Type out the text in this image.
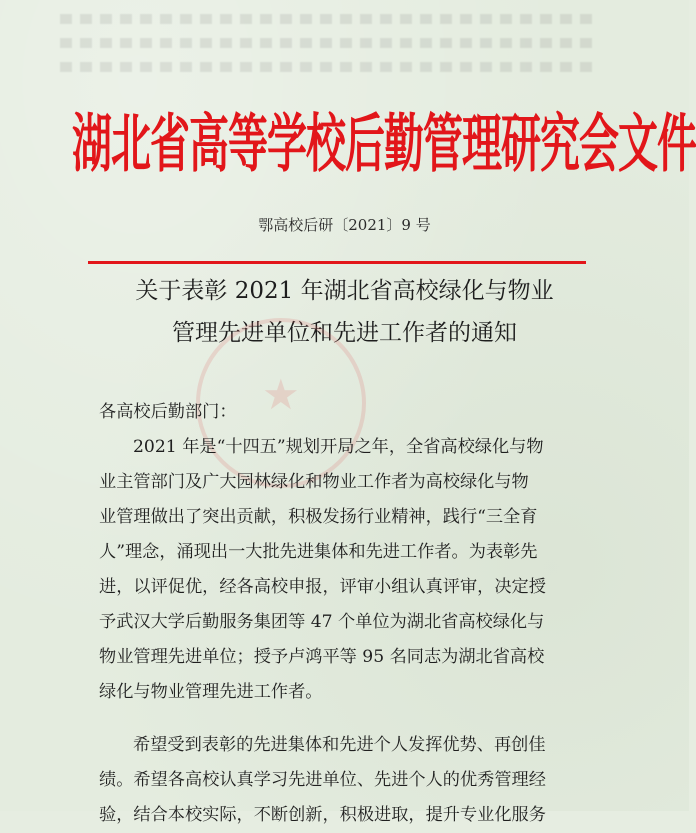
湖北省高等学校后勤管理研究会文件
鄂高校后研〔2021〕9 号
关于表彰 2021 年湖北省高校绿化与物业
管理先进单位和先进工作者的通知
★
各高校后勤部门：
2021 年是“十四五”规划开局之年，全省高校绿化与物
业主管部门及广大园林绿化和物业工作者为高校绿化与物
业管理做出了突出贡献，积极发扬行业精神，践行“三全育
人”理念，涌现出一大批先进集体和先进工作者。为表彰先
进，以评促优，经各高校申报，评审小组认真评审，决定授
予武汉大学后勤服务集团等 47 个单位为湖北省高校绿化与
物业管理先进单位；授予卢鸿平等 95 名同志为湖北省高校
绿化与物业管理先进工作者。
希望受到表彰的先进集体和先进个人发挥优势、再创佳
绩。希望各高校认真学习先进单位、先进个人的优秀管理经
验，结合本校实际，不断创新，积极进取，提升专业化服务
